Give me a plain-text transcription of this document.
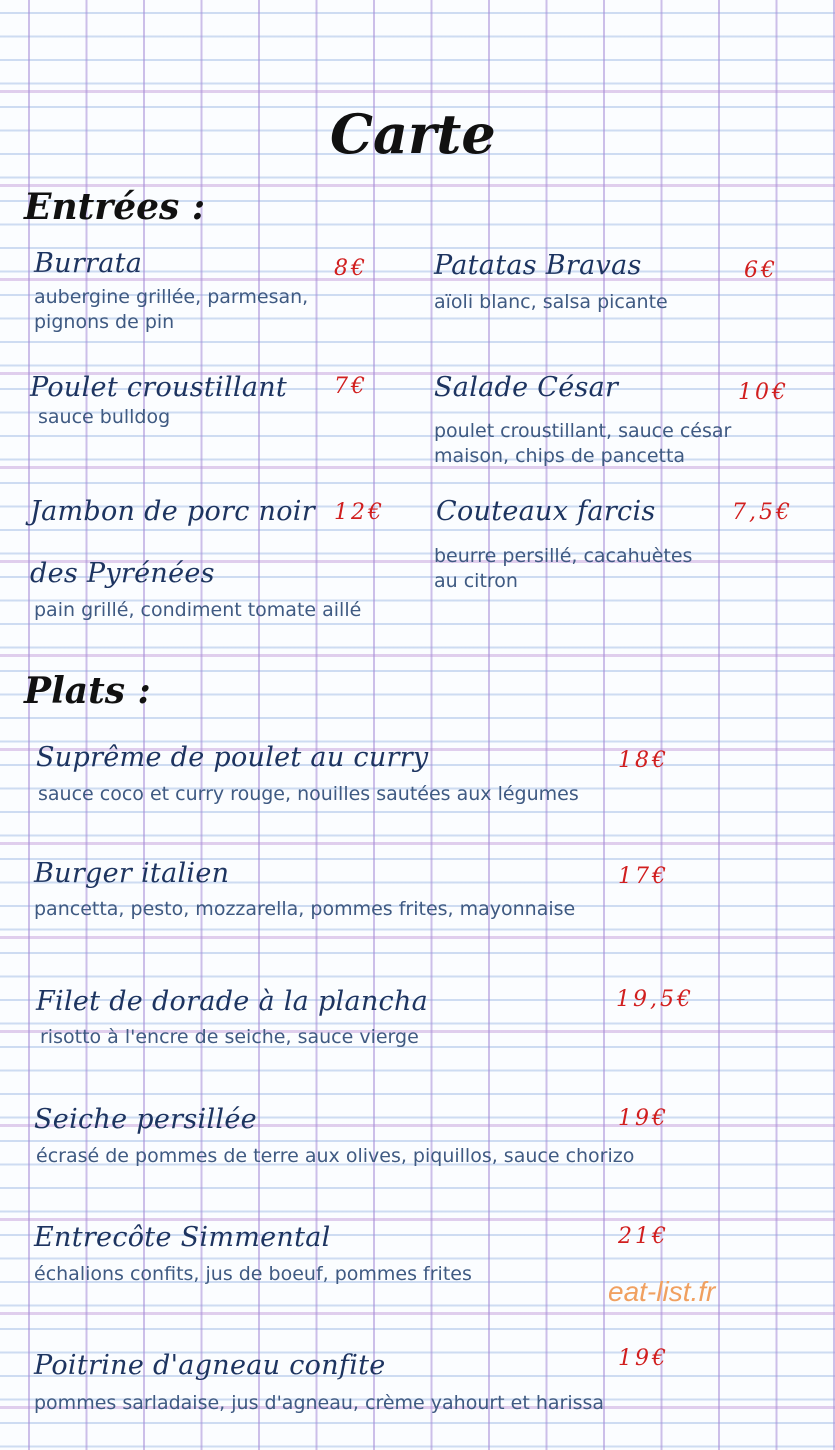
Carte
Entrées :
Burrata	8€
aubergine grillée, parmesan,
pignons de pin
Patatas Bravas	6€
aïoli blanc, salsa picante
Poulet croustillant 7€
sauce bulldog
Salade César	10€
poulet croustillant, sauce césar
maison, chips de pancetta
Jambon de porc noir 12€
des Pyrénées
pain grillé, condiment tomate aillé
Couteaux farcis	7,5€
beurre persillé, cacahuètes
au citron
Plats :
Suprême de poulet au curry	18€
sauce coco et curry rouge, nouilles sautées aux légumes
Burger italien	17€
pancetta, pesto, mozzarella, pommes frites, mayonnaise
Filet de dorade à la plancha	19,5€
risotto à l'encre de seiche, sauce vierge
Seiche persillée	19€
écrasé de pommes de terre aux olives, piquillos, sauce chorizo
Entrecôte Simmental	21€
échalions confits, jus de boeuf, pommes frites
Poitrine d'agneau confite	19€
pommes sarladaise, jus d'agneau, crème yahourt et harissa
eat-list.fr
